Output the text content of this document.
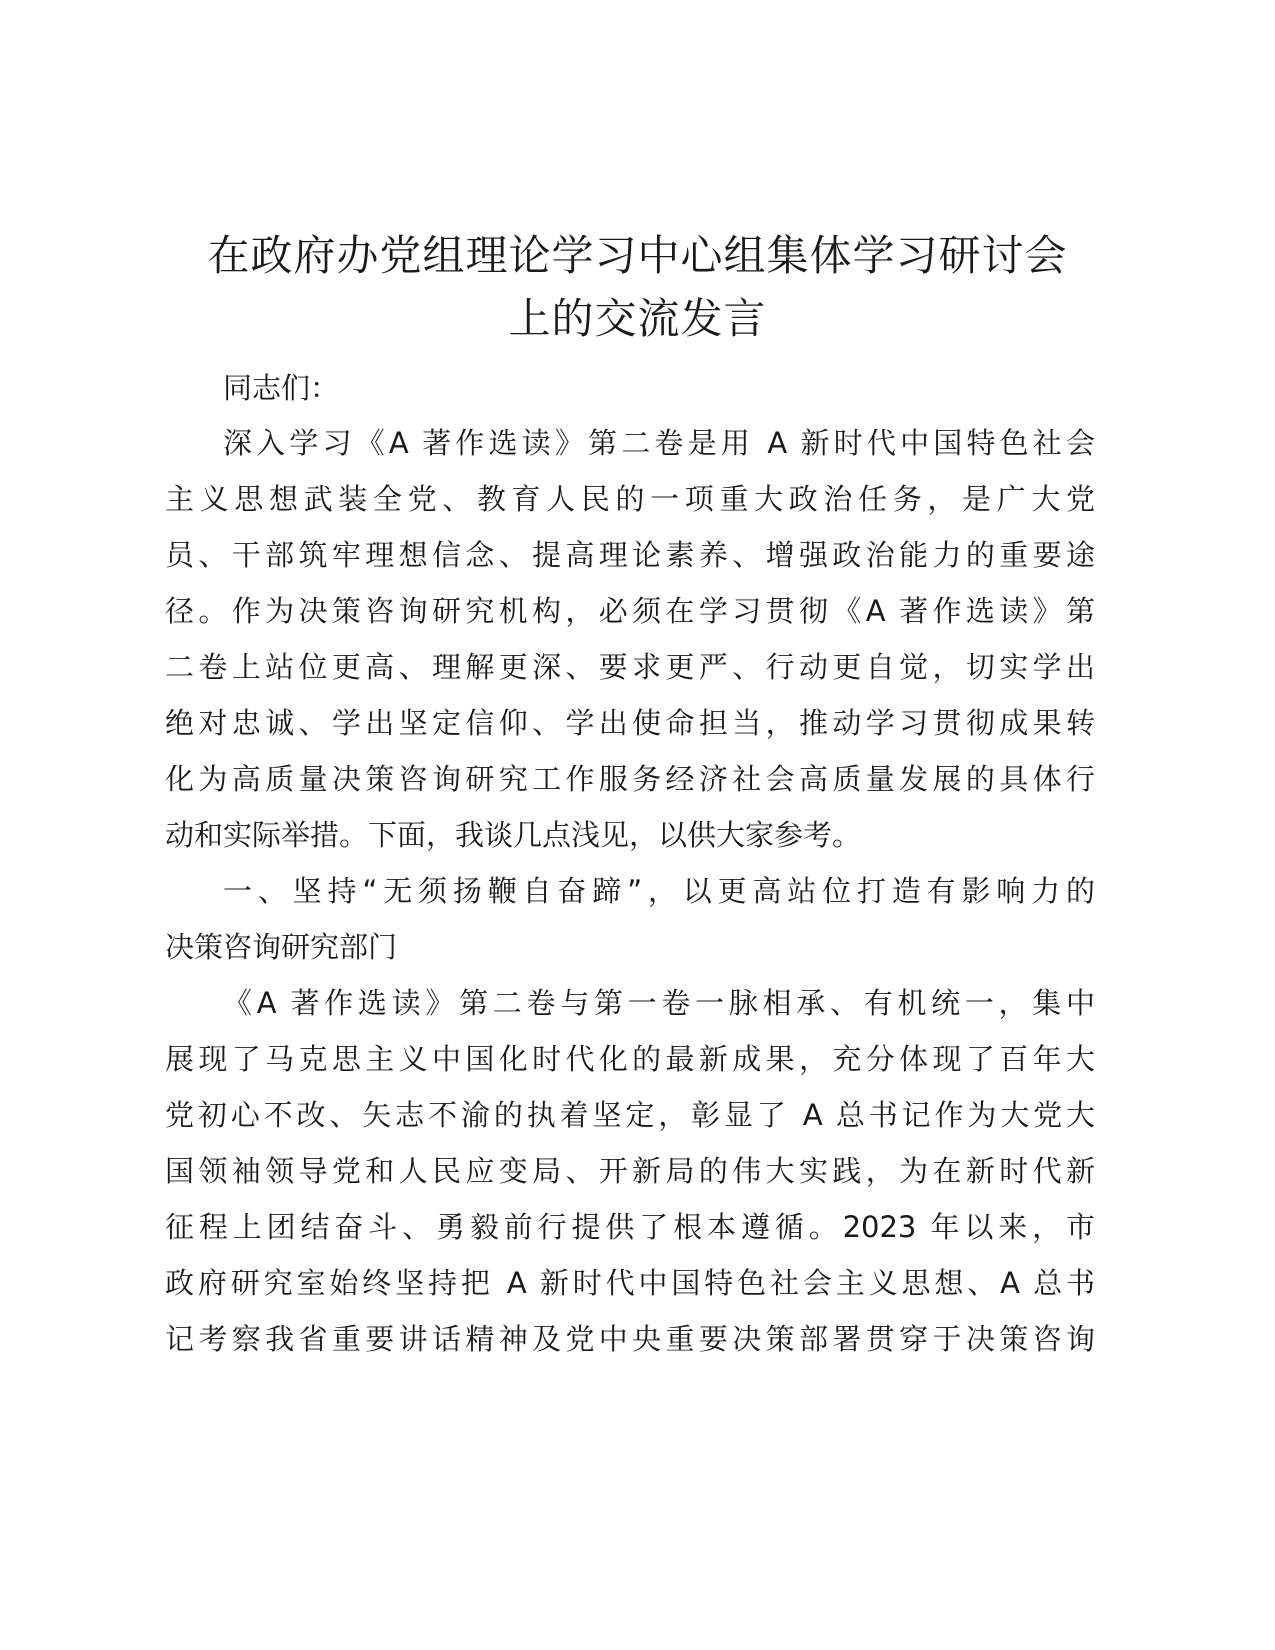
在政府办党组理论学习中心组集体学习研讨会
上的交流发言

同志们：

深入学习《A 著作选读》第二卷是用 A 新时代中国特色社会

主义思想武装全党、教育人民的一项重大政治任务，是广大党

员、干部筑牢理想信念、提高理论素养、增强政治能力的重要途

径。作为决策咨询研究机构，必须在学习贯彻《A 著作选读》第

二卷上站位更高、理解更深、要求更严、行动更自觉，切实学出

绝对忠诚、学出坚定信仰、学出使命担当，推动学习贯彻成果转

化为高质量决策咨询研究工作服务经济社会高质量发展的具体行

动和实际举措。下面，我谈几点浅见，以供大家参考。

一、坚持“无须扬鞭自奋蹄”，以更高站位打造有影响力的

决策咨询研究部门

《A 著作选读》第二卷与第一卷一脉相承、有机统一，集中

展现了马克思主义中国化时代化的最新成果，充分体现了百年大

党初心不改、矢志不渝的执着坚定，彰显了 A 总书记作为大党大

国领袖领导党和人民应变局、开新局的伟大实践，为在新时代新

征程上团结奋斗、勇毅前行提供了根本遵循。2023 年以来，市

政府研究室始终坚持把 A 新时代中国特色社会主义思想、A 总书

记考察我省重要讲话精神及党中央重要决策部署贯穿于决策咨询
